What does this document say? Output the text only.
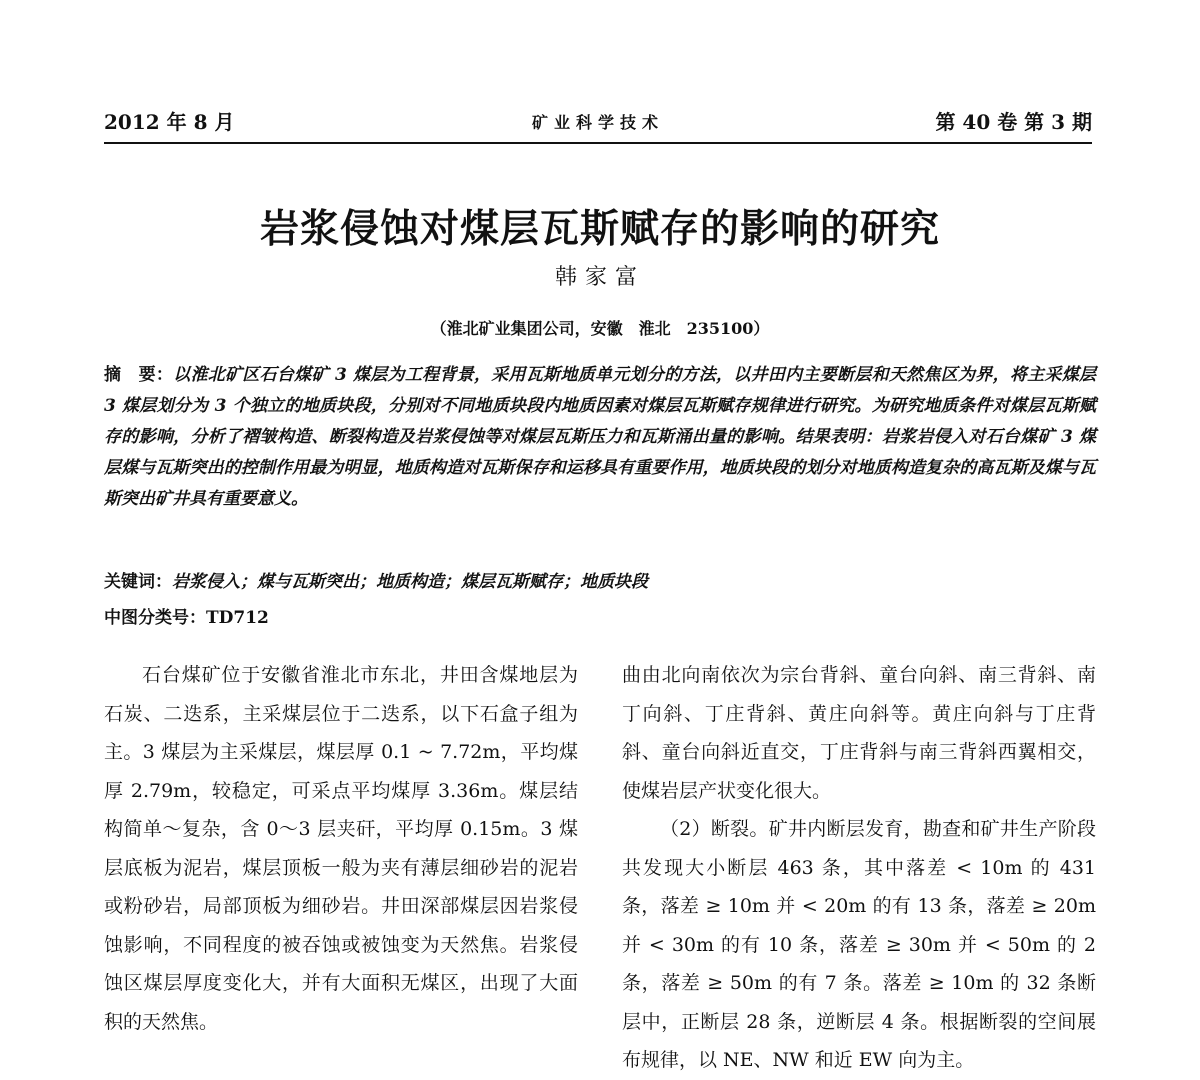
2012 年 8 月	矿业科学技术	第 40 卷 第 3 期
岩浆侵蚀对煤层瓦斯赋存的影响的研究
韩家富
（淮北矿业集团公司，安徽　淮北　235100）
摘　要：以淮北矿区石台煤矿 3 煤层为工程背景，采用瓦斯地质单元划分的方法，以井田内主要断层和天然焦区为界，将主采煤层 3 煤层划分为 3 个独立的地质块段，分别对不同地质块段内地质因素对煤层瓦斯赋存规律进行研究。为研究地质条件对煤层瓦斯赋存的影响，分析了褶皱构造、断裂构造及岩浆侵蚀等对煤层瓦斯压力和瓦斯涌出量的影响。结果表明：岩浆岩侵入对石台煤矿 3 煤层煤与瓦斯突出的控制作用最为明显，地质构造对瓦斯保存和运移具有重要作用，地质块段的划分对地质构造复杂的高瓦斯及煤与瓦斯突出矿井具有重要意义。
关键词：岩浆侵入；煤与瓦斯突出；地质构造；煤层瓦斯赋存；地质块段
中图分类号：TD712

石台煤矿位于安徽省淮北市东北，井田含煤地层为石炭、二迭系，主采煤层位于二迭系，以下石盒子组为主。3 煤层为主采煤层，煤层厚 0.1 ~ 7.72m，平均煤厚 2.79m，较稳定，可采点平均煤厚 3.36m。煤层结构简单～复杂，含 0～3 层夹矸，平均厚 0.15m。3 煤层底板为泥岩，煤层顶板一般为夹有薄层细砂岩的泥岩或粉砂岩，局部顶板为细砂岩。井田深部煤层因岩浆侵蚀影响，不同程度的被吞蚀或被蚀变为天然焦。岩浆侵蚀区煤层厚度变化大，并有大面积无煤区，出现了大面积的天然焦。

曲由北向南依次为宗台背斜、童台向斜、南三背斜、南丁向斜、丁庄背斜、黄庄向斜等。黄庄向斜与丁庄背斜、童台向斜近直交，丁庄背斜与南三背斜西翼相交，使煤岩层产状变化很大。

（2）断裂。矿井内断层发育，勘查和矿井生产阶段共发现大小断层 463 条，其中落差 < 10m 的 431 条，落差 ≥ 10m 并 < 20m 的有 13 条，落差 ≥ 20m 并 < 30m 的有 10 条，落差 ≥ 30m 并 < 50m 的 2 条，落差 ≥ 50m 的有 7 条。落差 ≥ 10m 的 32 条断层中，正断层 28 条，逆断层 4 条。根据断裂的空间展布规律，以 NE、NW 和近 EW 向为主。
